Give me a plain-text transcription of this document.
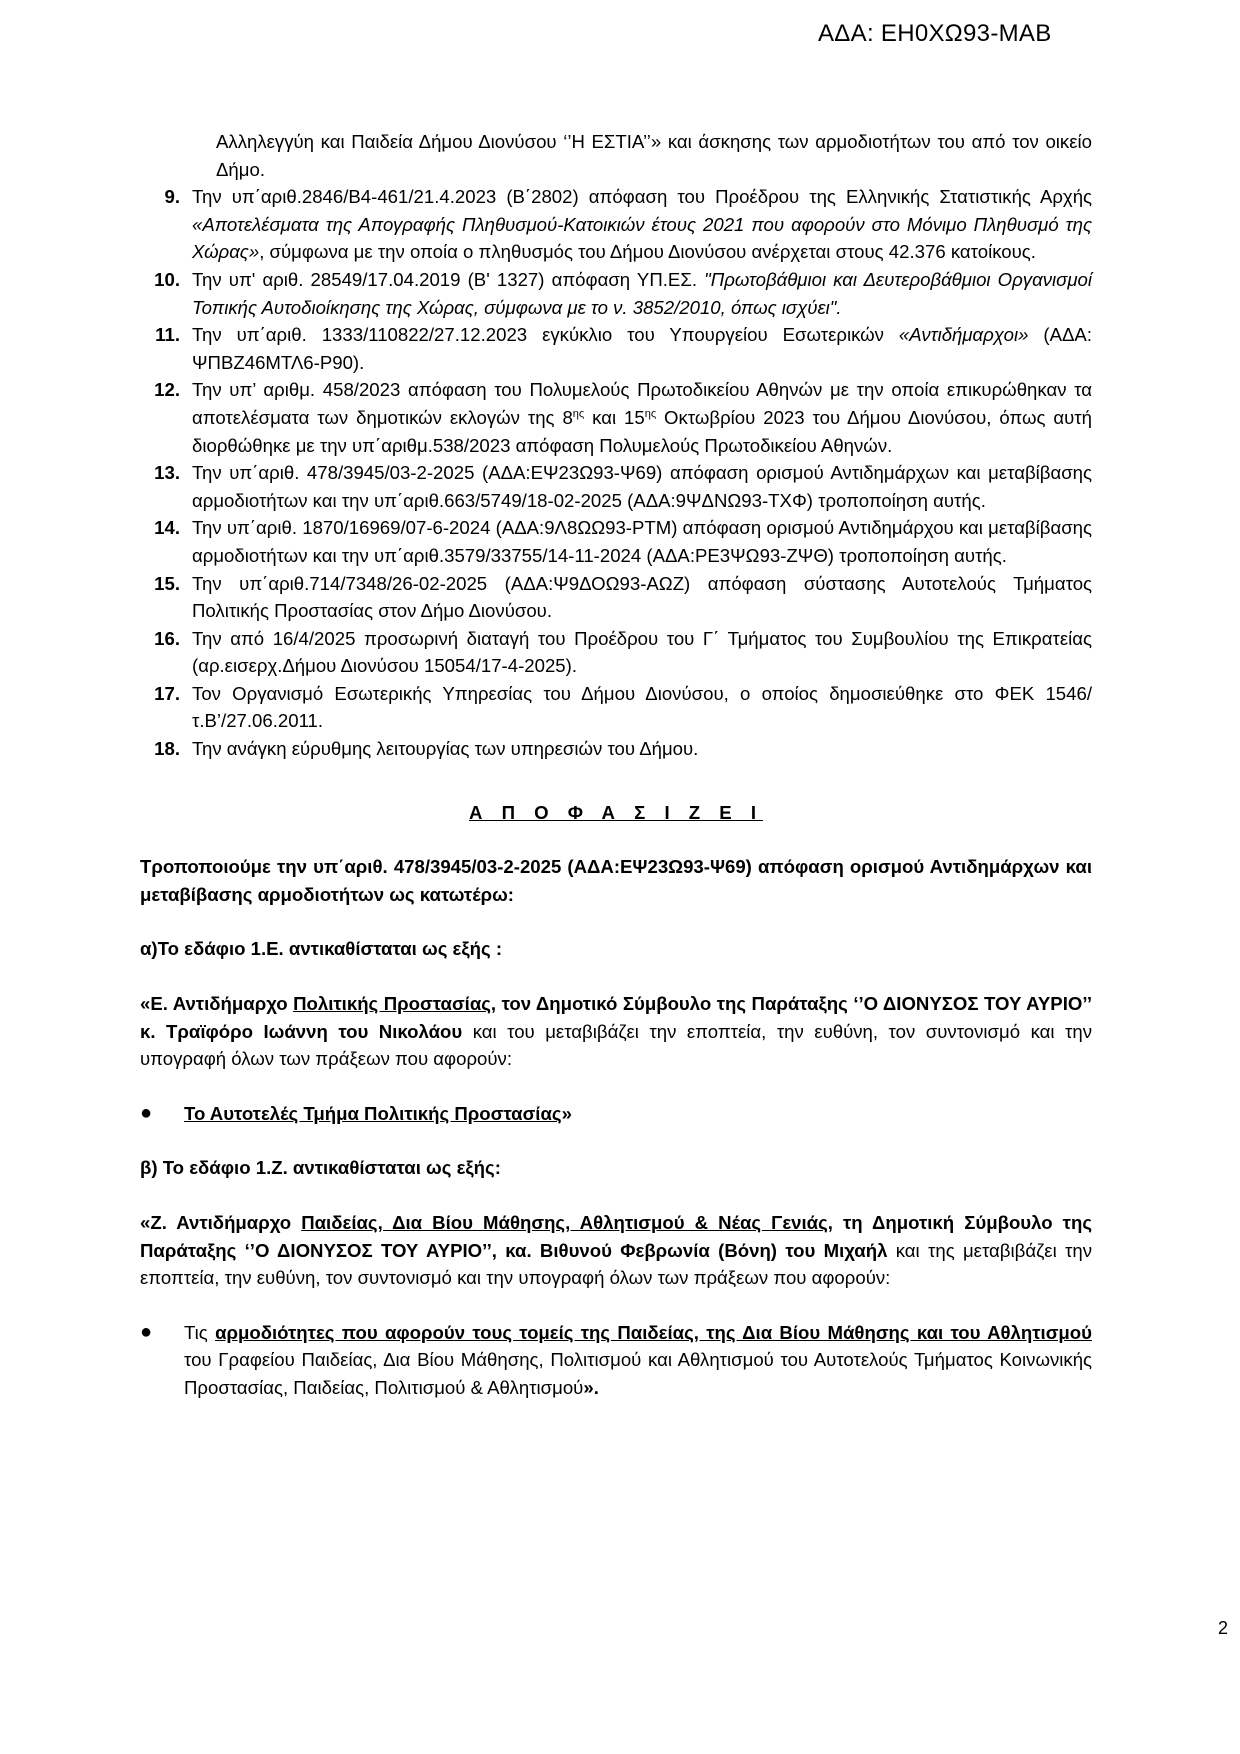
ΑΔΑ: ΕΗ0ΧΩ93-ΜΑΒ

Αλληλεγγύη και Παιδεία Δήμου Διονύσου ‘’Η ΕΣΤΙΑ’’» και άσκησης των αρμοδιοτήτων του από τον οικείο Δήμο.

9. Την υπ΄αριθ.2846/Β4-461/21.4.2023 (Β΄2802) απόφαση του Προέδρου της Ελληνικής Στατιστικής Αρχής «Αποτελέσματα της Απογραφής Πληθυσμού-Κατοικιών έτους 2021 που αφορούν στο Μόνιμο Πληθυσμό της Χώρας», σύμφωνα με την οποία ο πληθυσμός του Δήμου Διονύσου ανέρχεται στους 42.376 κατοίκους.
10. Την υπ' αριθ. 28549/17.04.2019 (Β' 1327) απόφαση ΥΠ.ΕΣ. "Πρωτοβάθμιοι και Δευτεροβάθμιοι Οργανισμοί Τοπικής Αυτοδιοίκησης της Χώρας, σύμφωνα με το ν. 3852/2010, όπως ισχύει".
11. Την υπ΄αριθ. 1333/110822/27.12.2023 εγκύκλιο του Υπουργείου Εσωτερικών «Αντιδήμαρχοι» (ΑΔΑ: ΨΠΒΖ46ΜΤΛ6-Ρ90).
12. Την υπ’ αριθμ. 458/2023 απόφαση του Πολυμελούς Πρωτοδικείου Αθηνών με την οποία επικυρώθηκαν τα αποτελέσματα των δημοτικών εκλογών της $8^{\eta\varsigma}$ και $15^{\eta\varsigma}$ Οκτωβρίου 2023 του Δήμου Διονύσου, όπως αυτή διορθώθηκε με την υπ΄αριθμ.538/2023 απόφαση Πολυμελούς Πρωτοδικείου Αθηνών.
13. Την υπ΄αριθ. 478/3945/03-2-2025 (ΑΔΑ:ΕΨ23Ω93-Ψ69) απόφαση ορισμού Αντιδημάρχων και μεταβίβασης αρμοδιοτήτων και την υπ΄αριθ.663/5749/18-02-2025 (ΑΔΑ:9ΨΔΝΩ93-ΤΧΦ) τροποποίηση αυτής.
14. Την υπ΄αριθ. 1870/16969/07-6-2024 (ΑΔΑ:9Λ8ΩΩ93-ΡΤΜ) απόφαση ορισμού Αντιδημάρχου και μεταβίβασης αρμοδιοτήτων και την υπ΄αριθ.3579/33755/14-11-2024 (ΑΔΑ:ΡΕ3ΨΩ93-ΖΨΘ) τροποποίηση αυτής.
15. Την υπ΄αριθ.714/7348/26-02-2025 (ΑΔΑ:Ψ9ΔΟΩ93-ΑΩΖ) απόφαση σύστασης Αυτοτελούς Τμήματος Πολιτικής Προστασίας στον Δήμο Διονύσου.
16. Την από 16/4/2025 προσωρινή διαταγή του Προέδρου του Γ΄ Τμήματος του Συμβουλίου της Επικρατείας (αρ.εισερχ.Δήμου Διονύσου 15054/17-4-2025).
17. Τον Οργανισμό Εσωτερικής Υπηρεσίας του Δήμου Διονύσου, ο οποίος δημοσιεύθηκε στο ΦΕΚ 1546/τ.Β’/27.06.2011.
18. Την ανάγκη εύρυθμης λειτουργίας των υπηρεσιών του Δήμου.

Α Π Ο Φ Α Σ Ι Ζ Ε Ι

Τροποποιούμε την υπ΄αριθ. 478/3945/03-2-2025 (ΑΔΑ:ΕΨ23Ω93-Ψ69) απόφαση ορισμού Αντιδημάρχων και μεταβίβασης αρμοδιοτήτων ως κατωτέρω:

α)Το εδάφιο 1.Ε. αντικαθίσταται ως εξής :

«Ε. Αντιδήμαρχο Πολιτικής Προστασίας, τον Δημοτικό Σύμβουλο της Παράταξης ‘’Ο ΔΙΟΝΥΣΟΣ ΤΟΥ ΑΥΡΙΟ’’ κ. Τραϊφόρο Ιωάννη του Νικολάου και του μεταβιβάζει την εποπτεία, την ευθύνη, τον συντονισμό και την υπογραφή όλων των πράξεων που αφορούν:

●	Το Αυτοτελές Τμήμα Πολιτικής Προστασίας»

β) Το εδάφιο 1.Ζ. αντικαθίσταται ως εξής:

«Ζ. Αντιδήμαρχο Παιδείας, Δια Βίου Μάθησης, Αθλητισμού & Νέας Γενιάς, τη Δημοτική Σύμβουλο της Παράταξης ‘’Ο ΔΙΟΝΥΣΟΣ ΤΟΥ ΑΥΡΙΟ’’, κα. Βιθυνού Φεβρωνία (Βόνη) του Μιχαήλ και της μεταβιβάζει την εποπτεία, την ευθύνη, τον συντονισμό και την υπογραφή όλων των πράξεων που αφορούν:

●	Τις αρμοδιότητες που αφορούν τους τομείς της Παιδείας, της Δια Βίου Μάθησης και του Αθλητισμού του Γραφείου Παιδείας, Δια Βίου Μάθησης, Πολιτισμού και Αθλητισμού του Αυτοτελούς Τμήματος Κοινωνικής Προστασίας, Παιδείας, Πολιτισμού & Αθλητισμού».
2
